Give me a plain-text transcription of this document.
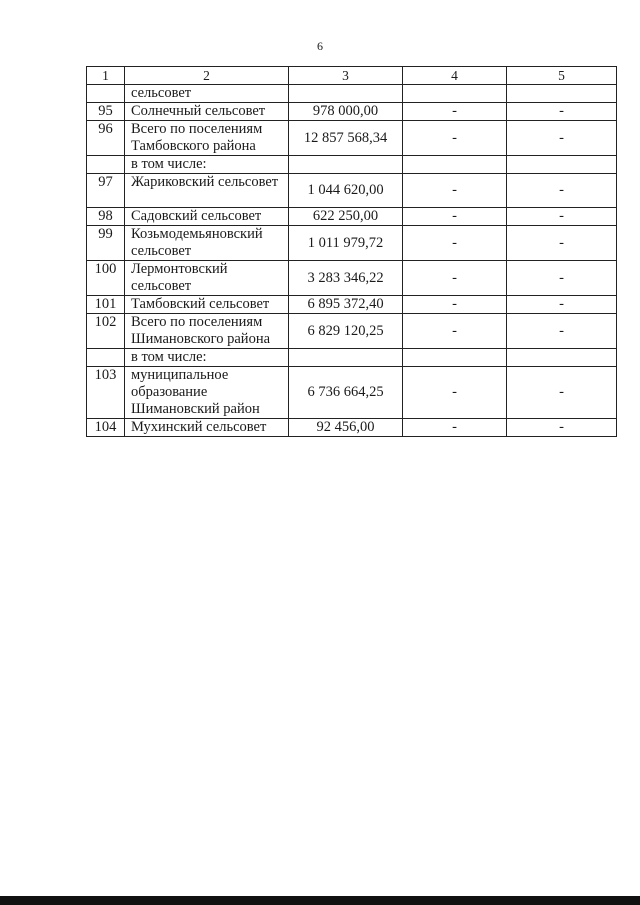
6
1	2	3	4	5
	сельсовет			
95	Солнечный сельсовет	978 000,00	-	-
96	Всего по поселениям Тамбовского района	12 857 568,34	-	-
	в том числе:			
97	Жариковский сельсовет	1 044 620,00	-	-
98	Садовский сельсовет	622 250,00	-	-
99	Козьмодемьяновский сельсовет	1 011 979,72	-	-
100	Лермонтовский сельсовет	3 283 346,22	-	-
101	Тамбовский сельсовет	6 895 372,40	-	-
102	Всего по поселениям Шимановского района	6 829 120,25	-	-
	в том числе:			
103	муниципальное образование Шимановский район	6 736 664,25	-	-
104	Мухинский сельсовет	92 456,00	-	-
